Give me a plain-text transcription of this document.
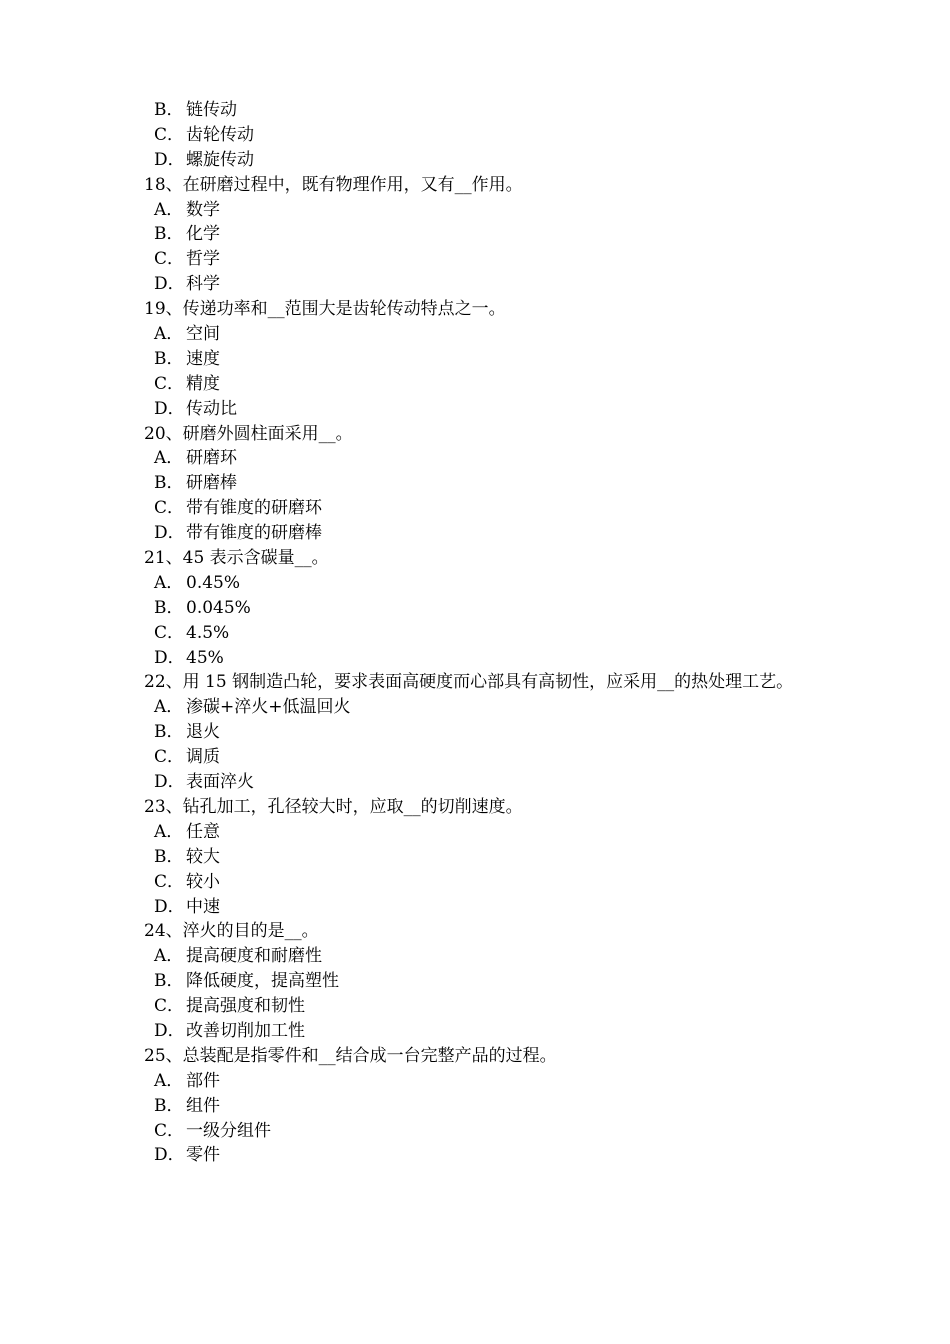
B． 链传动
C． 齿轮传动
D．螺旋传动
18、在研磨过程中，既有物理作用，又有__作用。
A． 数学
B． 化学
C． 哲学
D．科学
19、传递功率和__范围大是齿轮传动特点之一。
A． 空间
B． 速度
C． 精度
D．传动比
20、研磨外圆柱面采用__。
A． 研磨环
B． 研磨棒
C． 带有锥度的研磨环
D．带有锥度的研磨棒
21、45 表示含碳量__。
A． 0.45%
B． 0.045%
C． 4.5%
D．45%
22、用 15 钢制造凸轮，要求表面高硬度而心部具有高韧性，应采用__的热处理工艺。
A． 渗碳+淬火+低温回火
B． 退火
C． 调质
D．表面淬火
23、钻孔加工，孔径较大时，应取__的切削速度。
A． 任意
B． 较大
C． 较小
D．中速
24、淬火的目的是__。
A． 提高硬度和耐磨性
B． 降低硬度，提高塑性
C． 提高强度和韧性
D．改善切削加工性
25、总装配是指零件和__结合成一台完整产品的过程。
A． 部件
B． 组件
C． 一级分组件
D．零件
